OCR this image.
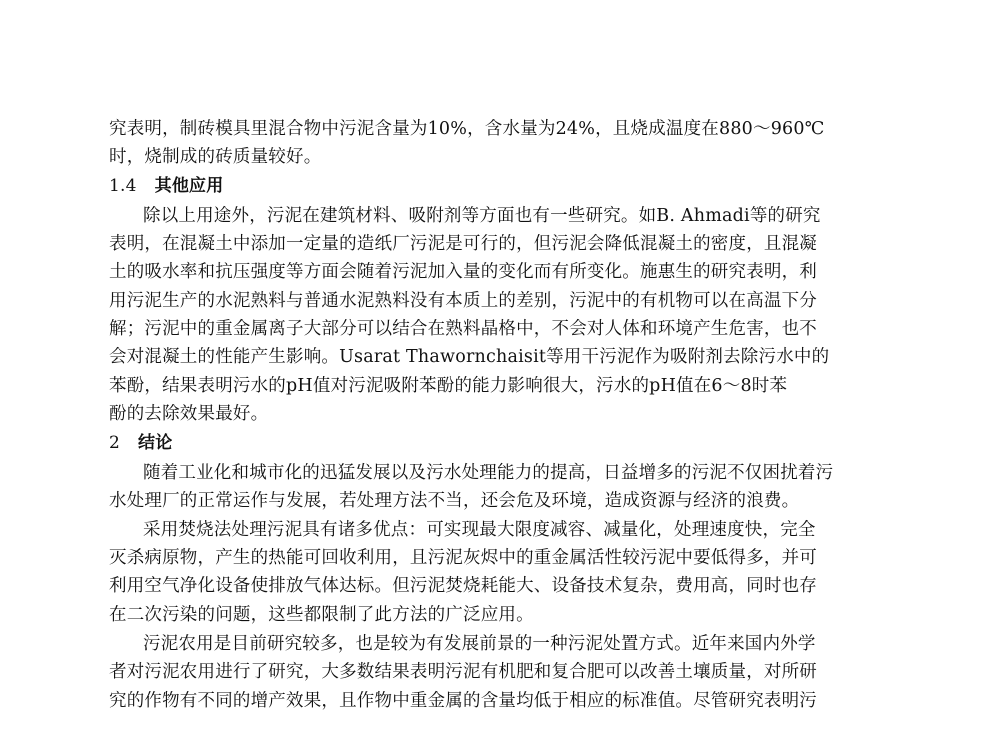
究表明，制砖模具里混合物中污泥含量为10%，含水量为24%，且烧成温度在880～960℃
时，烧制成的砖质量较好。
1.4 其他应用
除以上用途外，污泥在建筑材料、吸附剂等方面也有一些研究。如B. Ahmadi等的研究
表明，在混凝土中添加一定量的造纸厂污泥是可行的，但污泥会降低混凝土的密度，且混凝
土的吸水率和抗压强度等方面会随着污泥加入量的变化而有所变化。施惠生的研究表明，利
用污泥生产的水泥熟料与普通水泥熟料没有本质上的差别，污泥中的有机物可以在高温下分
解；污泥中的重金属离子大部分可以结合在熟料晶格中，不会对人体和环境产生危害，也不
会对混凝土的性能产生影响。Usarat Thawornchaisit等用干污泥作为吸附剂去除污水中的
苯酚，结果表明污水的pH值对污泥吸附苯酚的能力影响很大，污水的pH值在6～8时苯
酚的去除效果最好。
2 结论
随着工业化和城市化的迅猛发展以及污水处理能力的提高，日益增多的污泥不仅困扰着污
水处理厂的正常运作与发展，若处理方法不当，还会危及环境，造成资源与经济的浪费。
采用焚烧法处理污泥具有诸多优点：可实现最大限度减容、减量化，处理速度快，完全
灭杀病原物，产生的热能可回收利用，且污泥灰烬中的重金属活性较污泥中要低得多，并可
利用空气净化设备使排放气体达标。但污泥焚烧耗能大、设备技术复杂，费用高，同时也存
在二次污染的问题，这些都限制了此方法的广泛应用。
污泥农用是目前研究较多，也是较为有发展前景的一种污泥处置方式。近年来国内外学
者对污泥农用进行了研究，大多数结果表明污泥有机肥和复合肥可以改善土壤质量，对所研
究的作物有不同的增产效果，且作物中重金属的含量均低于相应的标准值。尽管研究表明污
